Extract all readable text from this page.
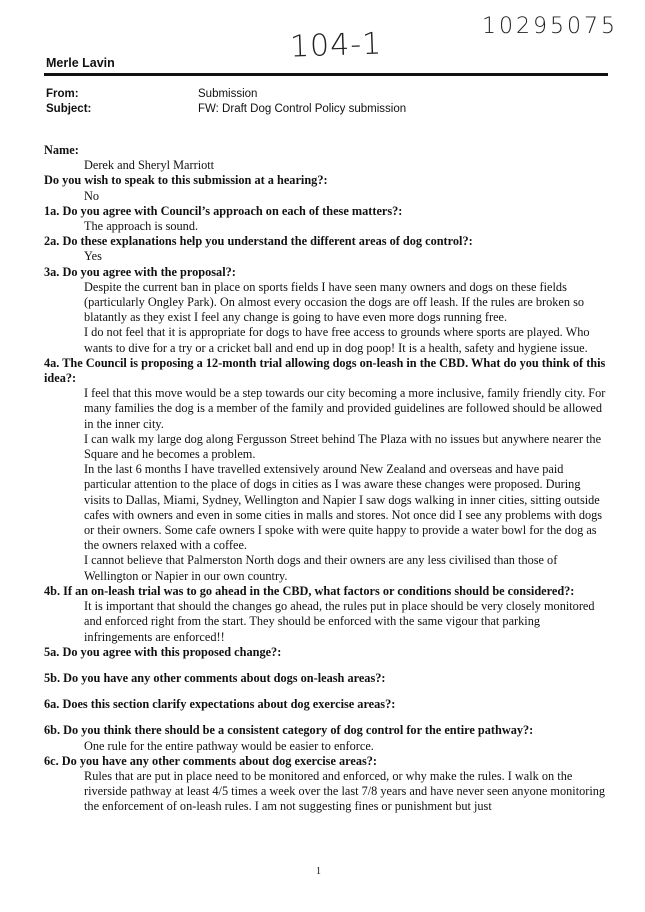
104-1	10295075
Merle Lavin
From:	Submission
Subject:	FW: Draft Dog Control Policy submission
Name:
Derek and Sheryl Marriott
Do you wish to speak to this submission at a hearing?:
No
1a. Do you agree with Council’s approach on each of these matters?:
The approach is sound.
2a. Do these explanations help you understand the different areas of dog control?:
Yes
3a. Do you agree with the proposal?:
Despite the current ban in place on sports fields I have seen many owners and dogs on these fields (particularly Ongley Park). On almost every occasion the dogs are off leash. If the rules are broken so blatantly as they exist I feel any change is going to have even more dogs running free.
I do not feel that it is appropriate for dogs to have free access to grounds where sports are played. Who wants to dive for a try or a cricket ball and end up in dog poop! It is a health, safety and hygiene issue.
4a. The Council is proposing a 12-month trial allowing dogs on-leash in the CBD. What do you think of this idea?:
I feel that this move would be a step towards our city becoming a more inclusive, family friendly city. For many families the dog is a member of the family and provided guidelines are followed should be allowed in the inner city.
I can walk my large dog along Fergusson Street behind The Plaza with no issues but anywhere nearer the Square and he becomes a problem.
In the last 6 months I have travelled extensively around New Zealand and overseas and have paid particular attention to the place of dogs in cities as I was aware these changes were proposed. During visits to Dallas, Miami, Sydney, Wellington and Napier I saw dogs walking in inner cities, sitting outside cafes with owners and even in some cities in malls and stores. Not once did I see any problems with dogs or their owners. Some cafe owners I spoke with were quite happy to provide a water bowl for the dog as the owners relaxed with a coffee.
I cannot believe that Palmerston North dogs and their owners are any less civilised than those of Wellington or Napier in our own country.
4b. If an on-leash trial was to go ahead in the CBD, what factors or conditions should be considered?:
It is important that should the changes go ahead, the rules put in place should be very closely monitored and enforced right from the start. They should be enforced with the same vigour that parking infringements are enforced!!
5a. Do you agree with this proposed change?:
5b. Do you have any other comments about dogs on-leash areas?:
6a. Does this section clarify expectations about dog exercise areas?:
6b. Do you think there should be a consistent category of dog control for the entire pathway?:
One rule for the entire pathway would be easier to enforce.
6c. Do you have any other comments about dog exercise areas?:
Rules that are put in place need to be monitored and enforced, or why make the rules. I walk on the riverside pathway at least 4/5 times a week over the last 7/8 years and have never seen anyone monitoring the enforcement of on-leash rules. I am not suggesting fines or punishment but just
1
